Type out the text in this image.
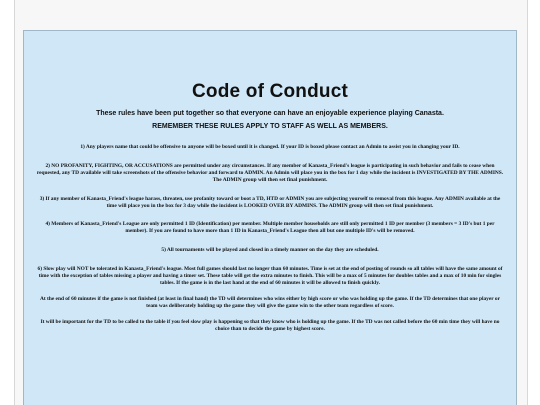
Code of Conduct
These rules have been put together so that everyone can have an enjoyable experience playing Canasta.
REMEMBER THESE RULES APPLY TO STAFF AS WELL AS MEMBERS.

1) Any players name that could be offensive to anyone will be boxed until it is changed. If your ID is boxed please contact an Admin to assist you in changing your ID.

2) NO PROFANITY, FIGHTING, OR ACCUSATIONS are permitted under any circumstances. If any member of Kanasta_Friend's league is participating in such behavior and fails to cease when requested, any TD available will take screenshots of the offensive behavior and forward to ADMIN. An Admin will place you in the box for 1 day while the incident is INVESTIGATED BY THE ADMINS. The ADMIN group will then set final punishment.

3) If any member of Kanasta_Friend's league harass, threaten, use profanity toward or boot a TD, HTD or ADMIN you are subjecting yourself to removal from this league. Any ADMIN available at the time will place you in the box for 3 day while the incident is LOOKED OVER BY ADMINS. The ADMIN group will then set final punishment.

4) Members of Kanasta_Friend's League are only permitted 1 ID (Identification) per member. Multiple member households are still only permitted 1 ID per member (3 members = 3 ID's but 1 per member). If you are found to have more than 1 ID in Kanasta_Friend's League then all but one multiple ID's will be removed.

5) All tournaments will be played and closed in a timely manner on the day they are scheduled.

6) Slow play will NOT be tolerated in Kanasta_Friend's league. Most full games should last no longer than 60 minutes. Time is set at the end of posting of rounds so all tables will have the same amount of time with the exception of tables missing a player and having a timer set. These table will get the extra minutes to finish. This will be a max of 5 minutes for doubles tables and a max of 10 min for singles tables. If the game is in the last hand at the end of 60 minutes it will be allowed to finish quickly.

At the end of 60 minutes if the game is not finished (at least in final hand) the TD will determines who wins either by high score or who was holding up the game. If the TD determines that one player or team was deliberately holding up the game they will give the game win to the other team regardless of score.

It will be important for the TD to be called to the table if you feel slow play is happening so that they know who is holding up the game. If the TD was not called before the 60 min time they will have no choice than to decide the game by highest score.
